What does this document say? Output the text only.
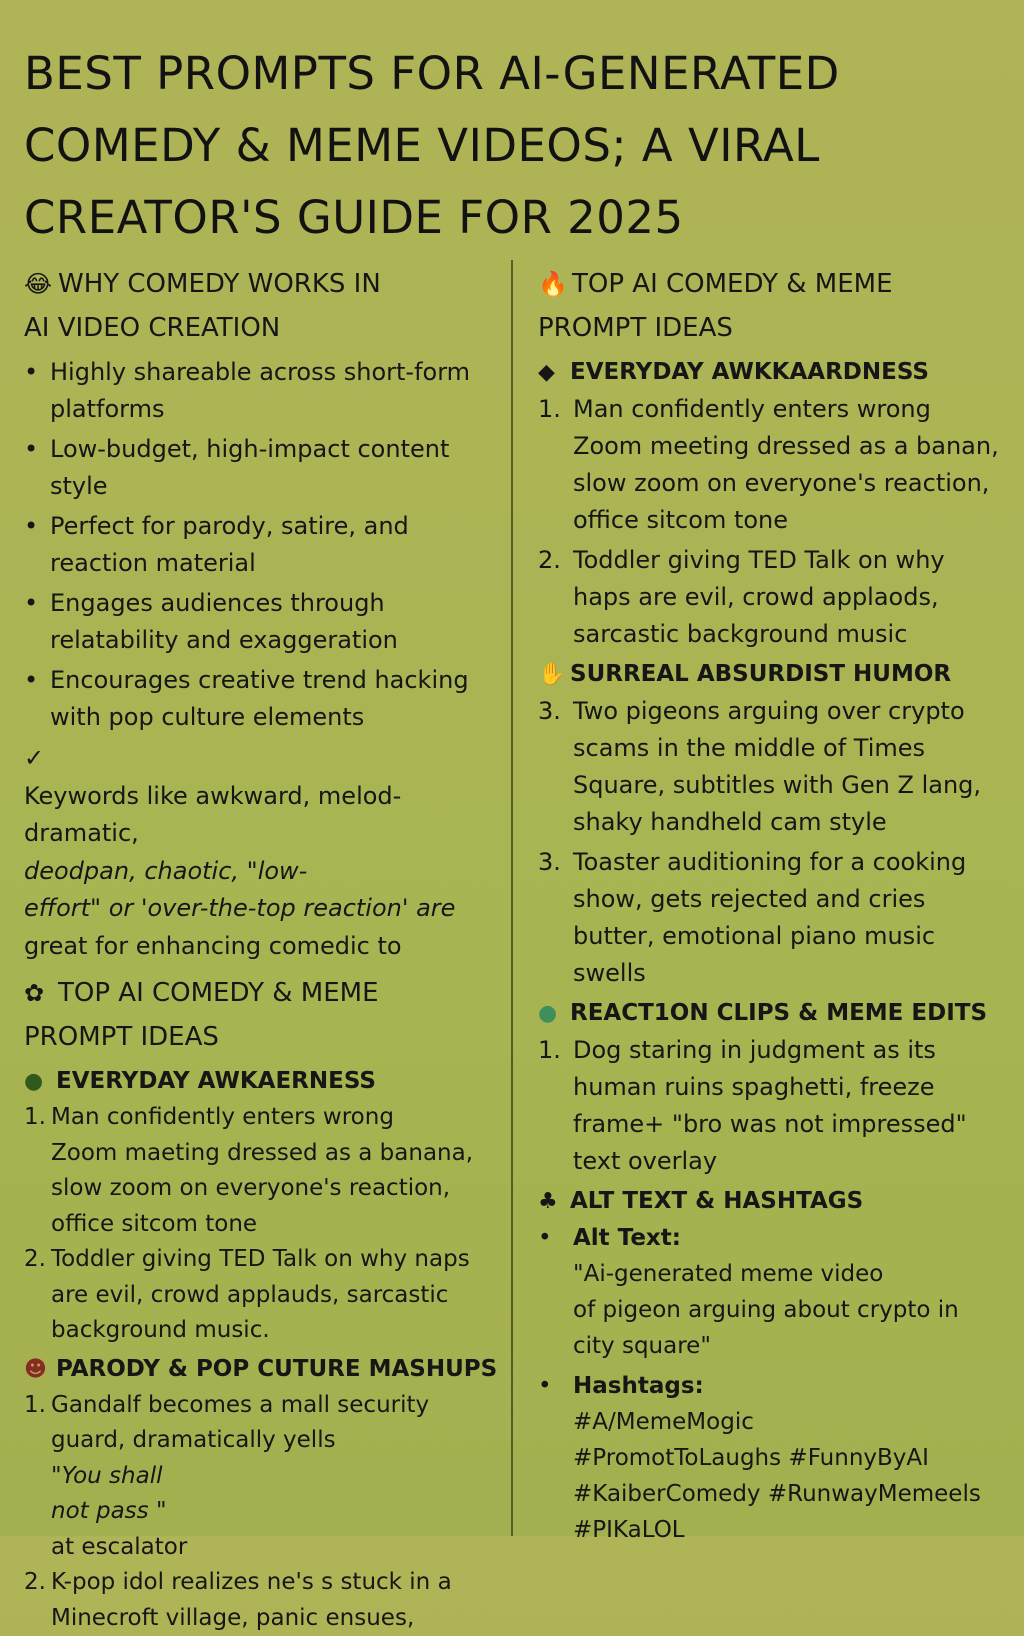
BEST PROMPTS FOR AI-GENERATED
COMEDY & MEME VIDEOS; A VIRAL
CREATOR'S GUIDE FOR 2025
😂 WHY COMEDY WORKS IN
AI VIDEO CREATION
• Highly shareable across short-form
platforms
• Low-budget, high-impact content
style
• Perfect for parody, satire, and
reaction material
• Engages audiences through
relatability and exaggeration
• Encourages creative trend hacking
with pop culture elements
✓
Keywords like awkward, melod-
dramatic,
deodpan, chaotic, "low-
effort" or 'over-the-top reaction' are
great for enhancing comedic to
✿ TOP AI COMEDY & MEME
PROMPT IDEAS
● EVERYDAY AWKAERNESS
1. Man confidently enters wrong
Zoom maeting dressed as a banana,
slow zoom on everyone's reaction,
office sitcom tone
2. Toddler giving TED Talk on why naps
are evil, crowd applauds, sarcastic
background music.
☻ PARODY & POP CUTURE MASHUPS
1. Gandalf becomes a mall security
guard, dramatically yells
"You shall
not pass "
at escalator
2. K-pop idol realizes ne's s stuck in a
Minecroft village, panic ensues,
🔥 TOP AI COMEDY & MEME
PROMPT IDEAS
◆ EVERYDAY AWKKAARDNESS
1. Man confidently enters wrong
Zoom meeting dressed as a banan,
slow zoom on everyone's reaction,
office sitcom tone
2. Toddler giving TED Talk on why
haps are evil, crowd applaods,
sarcastic background music
✋ SURREAL ABSURDIST HUMOR
3. Two pigeons arguing over crypto
scams in the middle of Times
Square, subtitles with Gen Z lang,
shaky handheld cam style
3. Toaster auditioning for a cooking
show, gets rejected and cries
butter, emotional piano music
swells
● REACT1ON CLIPS & MEME EDITS
1. Dog staring in judgment as its
human ruins spaghetti, freeze
frame+ "bro was not impressed"
text overlay
♣ ALT TEXT & HASHTAGS
• Alt Text:
"Ai-generated meme video
of pigeon arguing about crypto in
city square"
• Hashtags:
#A/MemeMogic
#PromotToLaughs #FunnyByAI
#KaiberComedy #RunwayMemeels
#PIKaLOL
